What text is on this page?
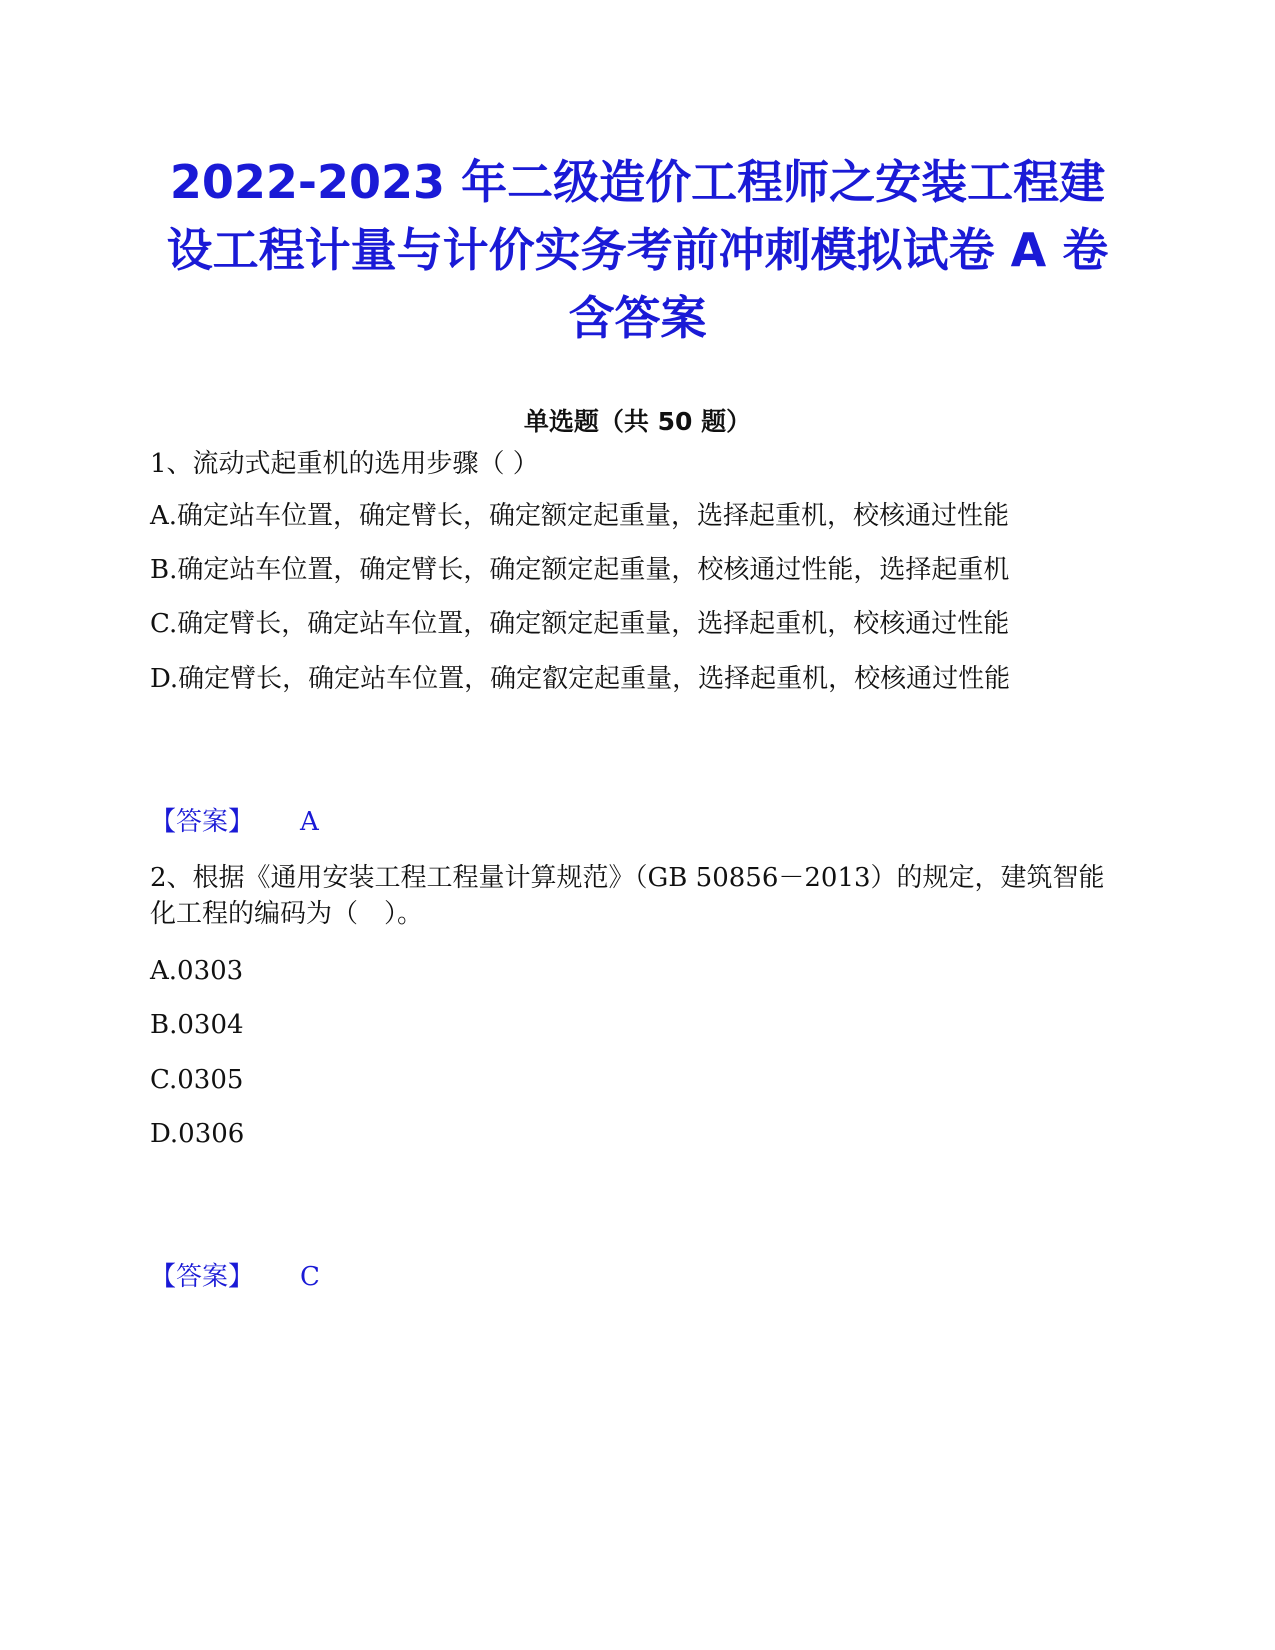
2022-2023 年二级造价工程师之安装工程建设工程计量与计价实务考前冲刺模拟试卷 A 卷含答案
单选题（共 50 题）
1、流动式起重机的选用步骤（ ）
A.确定站车位置，确定臂长，确定额定起重量，选择起重机，校核通过性能
B.确定站车位置，确定臂长，确定额定起重量，校核通过性能，选择起重机
C.确定臂长，确定站车位置，确定额定起重量，选择起重机，校核通过性能
D.确定臂长，确定站车位置，确定叡定起重量，选择起重机，校核通过性能
【答案】 A
2、根据《通用安装工程工程量计算规范》（GB 50856－2013）的规定，建筑智能化工程的编码为（　）。
A.0303
B.0304
C.0305
D.0306
【答案】 C
